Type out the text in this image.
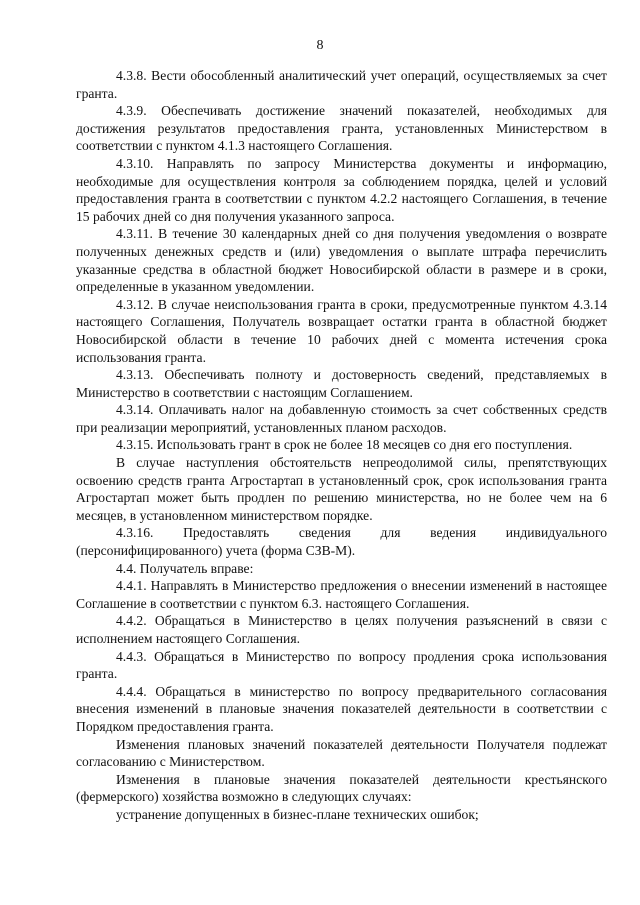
8

4.3.8. Вести обособленный аналитический учет операций, осуществляемых за счет гранта.

4.3.9. Обеспечивать достижение значений показателей, необходимых для достижения результатов предоставления гранта, установленных Министерством в соответствии с пунктом 4.1.3 настоящего Соглашения.

4.3.10. Направлять по запросу Министерства документы и информацию, необходимые для осуществления контроля за соблюдением порядка, целей и условий предоставления гранта в соответствии с пунктом 4.2.2 настоящего Соглашения, в течение 15 рабочих дней со дня получения указанного запроса.

4.3.11. В течение 30 календарных дней со дня получения уведомления о возврате полученных денежных средств и (или) уведомления о выплате штрафа перечислить указанные средства в областной бюджет Новосибирской области в размере и в сроки, определенные в указанном уведомлении.

4.3.12. В случае неиспользования гранта в сроки, предусмотренные пунктом 4.3.14 настоящего Соглашения, Получатель возвращает остатки гранта в областной бюджет Новосибирской области в течение 10 рабочих дней с момента истечения срока использования гранта.

4.3.13. Обеспечивать полноту и достоверность сведений, представляемых в Министерство в соответствии с настоящим Соглашением.

4.3.14. Оплачивать налог на добавленную стоимость за счет собственных средств при реализации мероприятий, установленных планом расходов.

4.3.15. Использовать грант в срок не более 18 месяцев со дня его поступления.

В случае наступления обстоятельств непреодолимой силы, препятствующих освоению средств гранта Агростартап в установленный срок, срок использования гранта Агростартап может быть продлен по решению министерства, но не более чем на 6 месяцев, в установленном министерством порядке.

4.3.16. Предоставлять сведения для ведения индивидуального (персонифицированного) учета (форма СЗВ-М).

4.4. Получатель вправе:

4.4.1. Направлять в Министерство предложения о внесении изменений в настоящее Соглашение в соответствии с пунктом 6.3. настоящего Соглашения.

4.4.2. Обращаться в Министерство в целях получения разъяснений в связи с исполнением настоящего Соглашения.

4.4.3. Обращаться в Министерство по вопросу продления срока использования гранта.

4.4.4. Обращаться в министерство по вопросу предварительного согласования внесения изменений в плановые значения показателей деятельности в соответствии с Порядком предоставления гранта.

Изменения плановых значений показателей деятельности Получателя подлежат согласованию с Министерством.

Изменения в плановые значения показателей деятельности крестьянского (фермерского) хозяйства возможно в следующих случаях:

устранение допущенных в бизнес-плане технических ошибок;
